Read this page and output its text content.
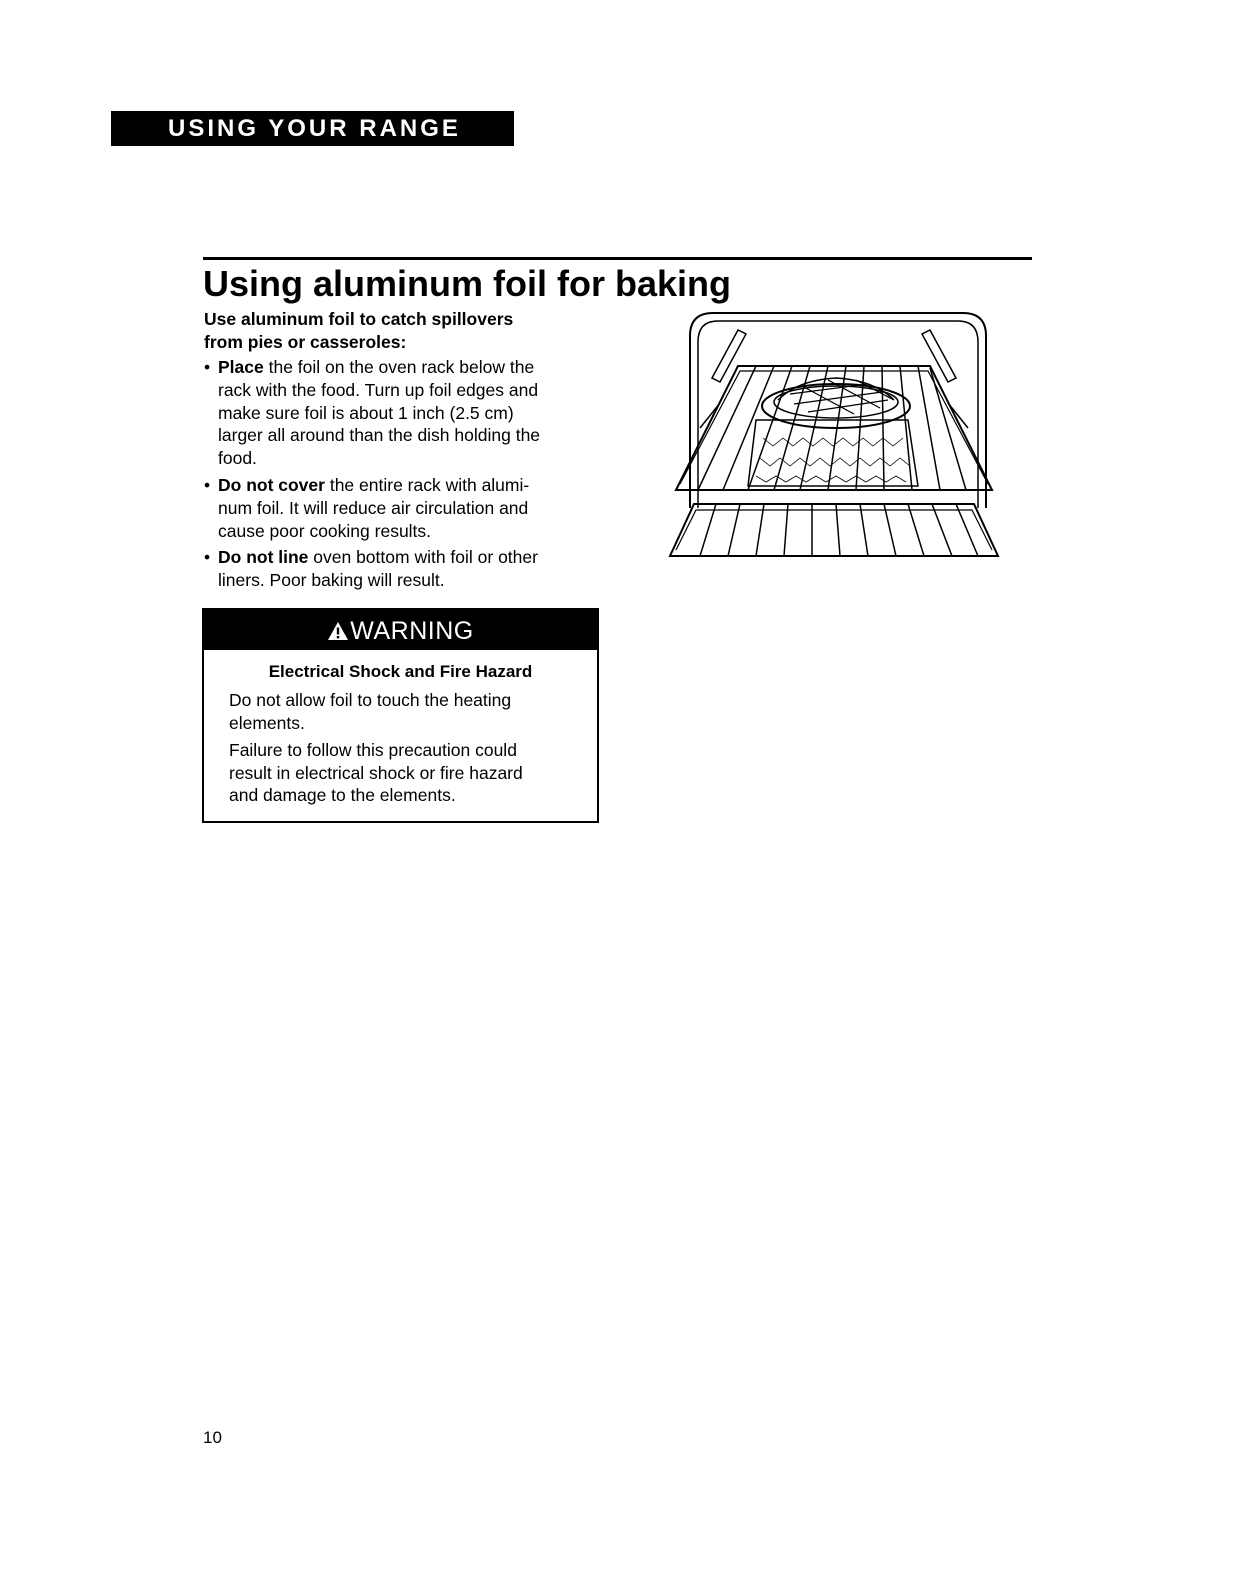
USING YOUR RANGE
Using aluminum foil for baking
Use aluminum foil to catch spillovers
from pies or casseroles:
• Place the foil on the oven rack below the
rack with the food. Turn up foil edges and
make sure foil is about 1 inch (2.5 cm)
larger all around than the dish holding the
food.
• Do not cover the entire rack with alumi-
num foil. It will reduce air circulation and
cause poor cooking results.
• Do not line oven bottom with foil or other
liners. Poor baking will result.
WARNING
Electrical Shock and Fire Hazard
Do not allow foil to touch the heating
elements.
Failure to follow this precaution could
result in electrical shock or fire hazard
and damage to the elements.
10
